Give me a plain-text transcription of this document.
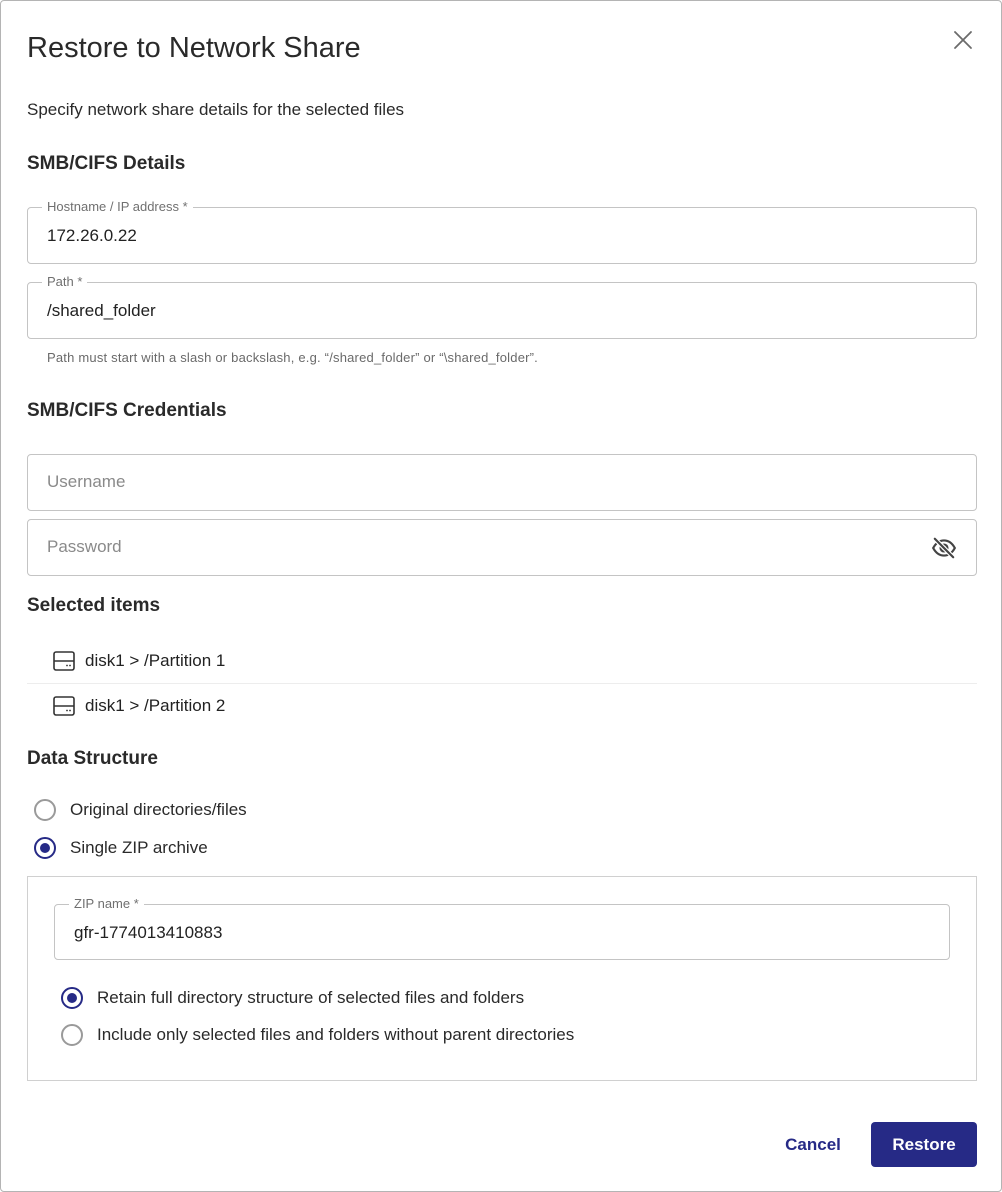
Restore to Network Share
Specify network share details for the selected files
SMB/CIFS Details
Hostname / IP address *
172.26.0.22
Path *
/shared_folder
Path must start with a slash or backslash, e.g. “/shared_folder” or “\shared_folder”.
SMB/CIFS Credentials
Username
Password
Selected items
disk1 > /Partition 1
disk1 > /Partition 2
Data Structure
Original directories/files
Single ZIP archive
ZIP name *
gfr-1774013410883
Retain full directory structure of selected files and folders
Include only selected files and folders without parent directories
Cancel	Restore
